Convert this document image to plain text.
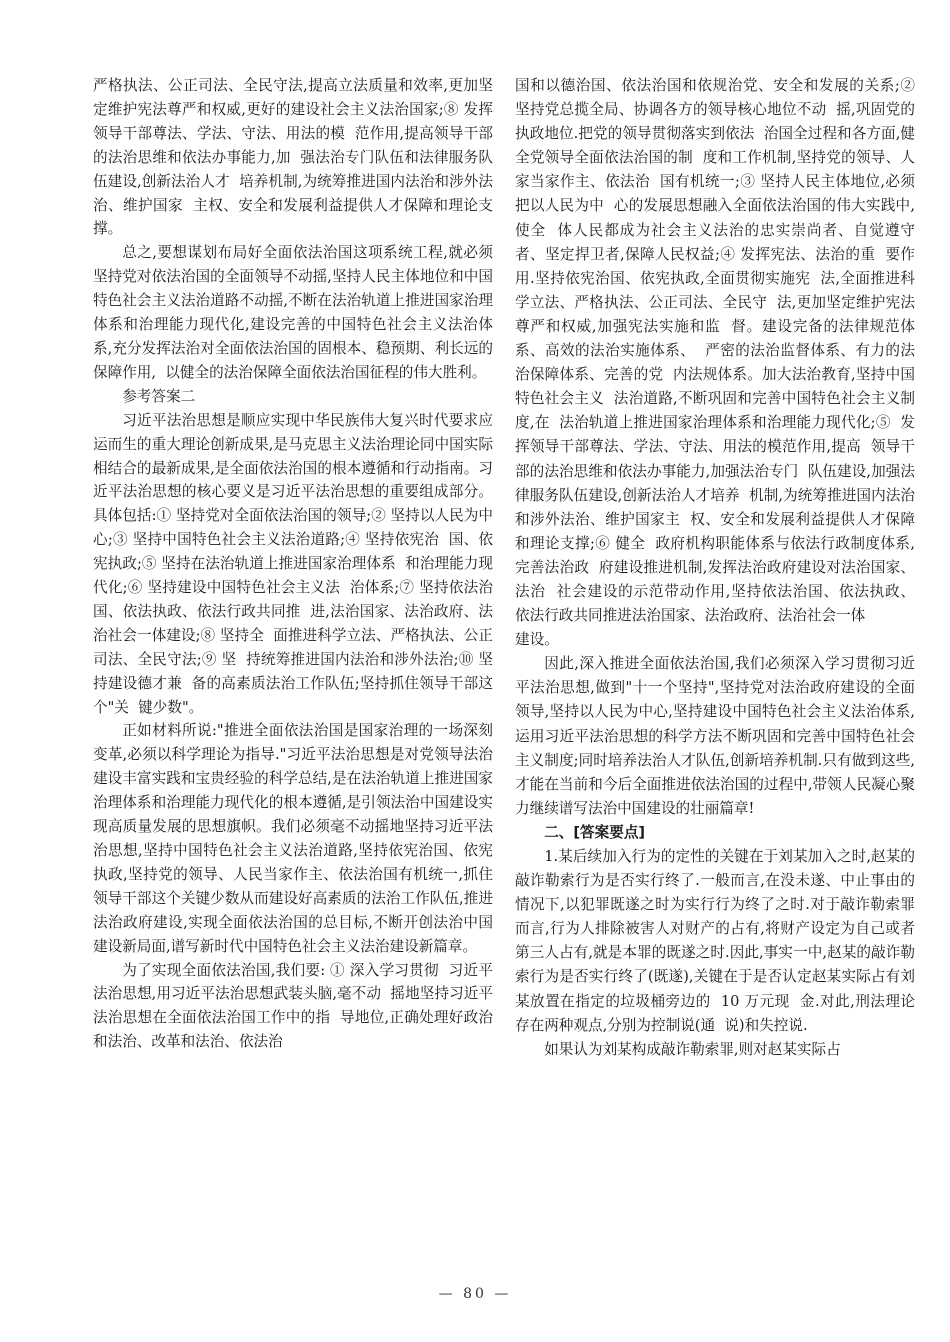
严格执法、公正司法、全民守法,提高立法质量和效率,更加坚定维护宪法尊严和权威,更好的建设社会主义法治国家;⑧ 发挥领导干部尊法、学法、守法、用法的模  范作用,提高领导干部的法治思维和依法办事能力,加  强法治专门队伍和法律服务队伍建设,创新法治人才  培养机制,为统筹推进国内法治和涉外法治、维护国家  主权、安全和发展利益提供人才保障和理论支撑。

总之,要想谋划布局好全面依法治国这项系统工程,就必须坚持党对依法治国的全面领导不动摇,坚持人民主体地位和中国特色社会主义法治道路不动摇,不断在法治轨道上推进国家治理体系和治理能力现代化,建设完善的中国特色社会主义法治体系,充分发挥法治对全面依法治国的固根本、稳预期、利长远的保障作用,  以健全的法治保障全面依法治国征程的伟大胜利。

参考答案二

习近平法治思想是顺应实现中华民族伟大复兴时代要求应运而生的重大理论创新成果,是马克思主义法治理论同中国实际相结合的最新成果,是全面依法治国的根本遵循和行动指南。习近平法治思想的核心要义是习近平法治思想的重要组成部分。具体包括:① 坚持党对全面依法治国的领导;② 坚持以人民为中  心;③ 坚持中国特色社会主义法治道路;④ 坚持依宪治  国、依宪执政;⑤ 坚持在法治轨道上推进国家治理体系  和治理能力现代化;⑥ 坚持建设中国特色社会主义法  治体系;⑦ 坚持依法治国、依法执政、依法行政共同推  进,法治国家、法治政府、法治社会一体建设;⑧ 坚持全  面推进科学立法、严格执法、公正司法、全民守法;⑨ 坚  持统筹推进国内法治和涉外法治;⑩ 坚持建设德才兼  备的高素质法治工作队伍;坚持抓住领导干部这个"关  键少数"。

正如材料所说:"推进全面依法治国是国家治理的一场深刻变革,必须以科学理论为指导."习近平法治思想是对党领导法治建设丰富实践和宝贵经验的科学总结,是在法治轨道上推进国家治理体系和治理能力现代化的根本遵循,是引领法治中国建设实现高质量发展的思想旗帜。我们必须毫不动摇地坚持习近平法治思想,坚持中国特色社会主义法治道路,坚持依宪治国、依宪执政,坚持党的领导、人民当家作主、依法治国有机统一,抓住领导干部这个关键少数从而建设好高素质的法治工作队伍,推进法治政府建设,实现全面依法治国的总目标,不断开创法治中国建设新局面,谱写新时代中国特色社会主义法治建设新篇章。

为了实现全面依法治国,我们要: ① 深入学习贯彻  习近平法治思想,用习近平法治思想武装头脑,毫不动  摇地坚持习近平法治思想在全面依法治国工作中的指  导地位,正确处理好政治和法治、改革和法治、依法治

国和以德治国、依法治国和依规治党、安全和发展的关系;② 坚持党总揽全局、协调各方的领导核心地位不动  摇,巩固党的执政地位.把党的领导贯彻落实到依法  治国全过程和各方面,健全党领导全面依法治国的制  度和工作机制,坚持党的领导、人家当家作主、依法治  国有机统一;③ 坚持人民主体地位,必须把以人民为中  心的发展思想融入全面依法治国的伟大实践中,使全  体人民都成为社会主义法治的忠实崇尚者、自觉遵守  者、坚定捍卫者,保障人民权益;④ 发挥宪法、法治的重  要作用.坚持依宪治国、依宪执政,全面贯彻实施宪  法,全面推进科学立法、严格执法、公正司法、全民守  法,更加坚定维护宪法尊严和权威,加强宪法实施和监  督。建设完备的法律规范体系、高效的法治实施体系、  严密的法治监督体系、有力的法治保障体系、完善的党  内法规体系。加大法治教育,坚持中国特色社会主义  法治道路,不断巩固和完善中国特色社会主义制度,在  法治轨道上推进国家治理体系和治理能力现代化;⑤  发挥领导干部尊法、学法、守法、用法的模范作用,提高  领导干部的法治思维和依法办事能力,加强法治专门  队伍建设,加强法律服务队伍建设,创新法治人才培养  机制,为统筹推进国内法治和涉外法治、维护国家主  权、安全和发展利益提供人才保障和理论支撑;⑥ 健全  政府机构职能体系与依法行政制度体系,完善法治政  府建设推进机制,发挥法治政府建设对法治国家、法治  社会建设的示范带动作用,坚持依法治国、依法执政、  依法行政共同推进法治国家、法治政府、法治社会一体
建设。

因此,深入推进全面依法治国,我们必须深入学习贯彻习近平法治思想,做到"十一个坚持",坚持党对法治政府建设的全面领导,坚持以人民为中心,坚持建设中国特色社会主义法治体系,运用习近平法治思想的科学方法不断巩固和完善中国特色社会主义制度;同时培养法治人才队伍,创新培养机制.只有做到这些,才能在当前和今后全面推进依法治国的过程中,带领人民凝心聚力继续谱写法治中国建设的壮丽篇章!

二、[答案要点]

1.某后续加入行为的定性的关键在于刘某加入之时,赵某的敲诈勒索行为是否实行终了.一般而言,在没未遂、中止事由的情况下,以犯罪既遂之时为实行行为终了之时.对于敲诈勒索罪而言,行为人排除被害人对财产的占有,将财产设定为自己或者第三人占有,就是本罪的既遂之时.因此,事实一中,赵某的敲诈勒索行为是否实行终了(既遂),关键在于是否认定赵某实际占有刘某放置在指定的垃圾桶旁边的  10 万元现  金.对此,刑法理论存在两种观点,分别为控制说(通  说)和失控说.

如果认为刘某构成敲诈勒索罪,则对赵某实际占

— 80 —
